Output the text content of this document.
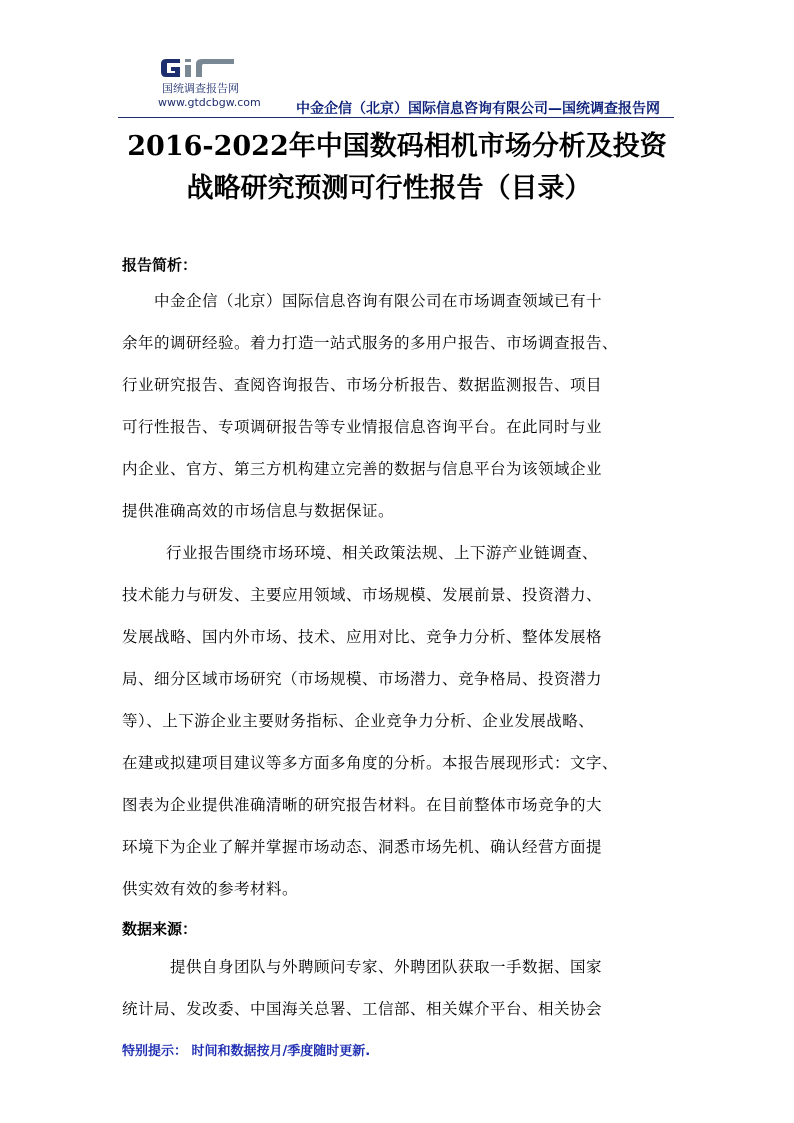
国统调查报告网
www.gtdcbgw.com	中金企信（北京）国际信息咨询有限公司—国统调查报告网
2016-2022年中国数码相机市场分析及投资
战略研究预测可行性报告（目录）
报告简析：
中金企信（北京）国际信息咨询有限公司在市场调查领域已有十
余年的调研经验。着力打造一站式服务的多用户报告、市场调查报告、
行业研究报告、查阅咨询报告、市场分析报告、数据监测报告、项目
可行性报告、专项调研报告等专业情报信息咨询平台。在此同时与业
内企业、官方、第三方机构建立完善的数据与信息平台为该领域企业
提供准确高效的市场信息与数据保证。
行业报告围绕市场环境、相关政策法规、上下游产业链调查、
技术能力与研发、主要应用领域、市场规模、发展前景、投资潜力、
发展战略、国内外市场、技术、应用对比、竞争力分析、整体发展格
局、细分区域市场研究（市场规模、市场潜力、竞争格局、投资潜力
等）、上下游企业主要财务指标、企业竞争力分析、企业发展战略、
在建或拟建项目建议等多方面多角度的分析。本报告展现形式：文字、
图表为企业提供准确清晰的研究报告材料。在目前整体市场竞争的大
环境下为企业了解并掌握市场动态、洞悉市场先机、确认经营方面提
供实效有效的参考材料。
数据来源：
提供自身团队与外聘顾问专家、外聘团队获取一手数据、国家
统计局、发改委、中国海关总署、工信部、相关媒介平台、相关协会
特别提示： 时间和数据按月/季度随时更新.
